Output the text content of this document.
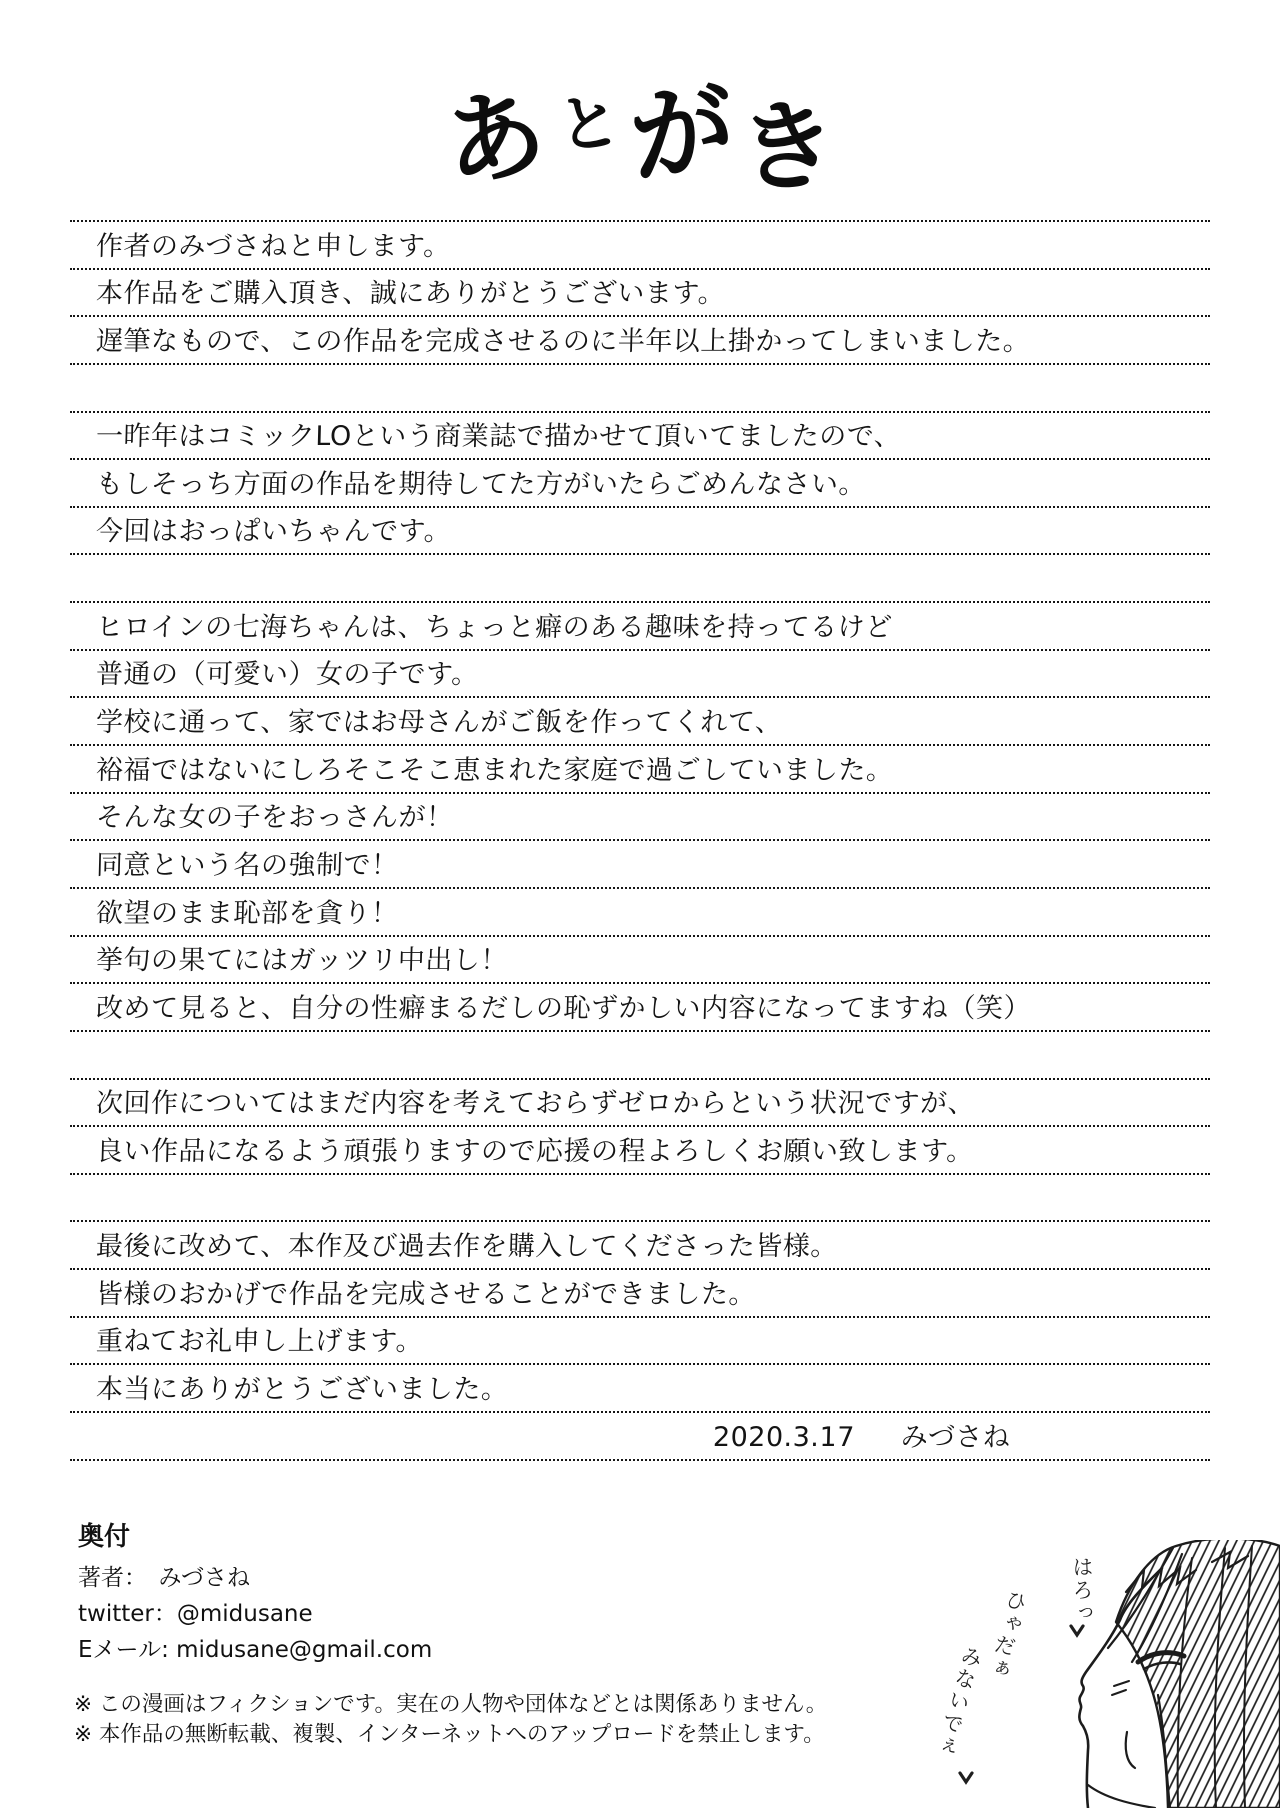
あとがき
作者のみづさねと申します。
本作品をご購入頂き、誠にありがとうございます。
遅筆なもので、この作品を完成させるのに半年以上掛かってしまいました。
一昨年はコミックLOという商業誌で描かせて頂いてましたので、
もしそっち方面の作品を期待してた方がいたらごめんなさい。
今回はおっぱいちゃんです。
ヒロインの七海ちゃんは、ちょっと癖のある趣味を持ってるけど
普通の（可愛い）女の子です。
学校に通って、家ではお母さんがご飯を作ってくれて、
裕福ではないにしろそこそこ恵まれた家庭で過ごしていました。
そんな女の子をおっさんが！
同意という名の強制で！
欲望のまま恥部を貪り！
挙句の果てにはガッツリ中出し！
改めて見ると、自分の性癖まるだしの恥ずかしい内容になってますね（笑）
次回作についてはまだ内容を考えておらずゼロからという状況ですが、
良い作品になるよう頑張りますので応援の程よろしくお願い致します。
最後に改めて、本作及び過去作を購入してくださった皆様。
皆様のおかげで作品を完成させることができました。
重ねてお礼申し上げます。
本当にありがとうございました。
2020.3.17 みづさね
奥付
著者：　みづさね
twitter：@midusane
Eメール: midusane@gmail.com
※ この漫画はフィクションです。実在の人物や団体などとは関係ありません。
※ 本作品の無断転載、複製、インターネットへのアップロードを禁止します。
はろっ
ひゃだぁ
みないでぇ
